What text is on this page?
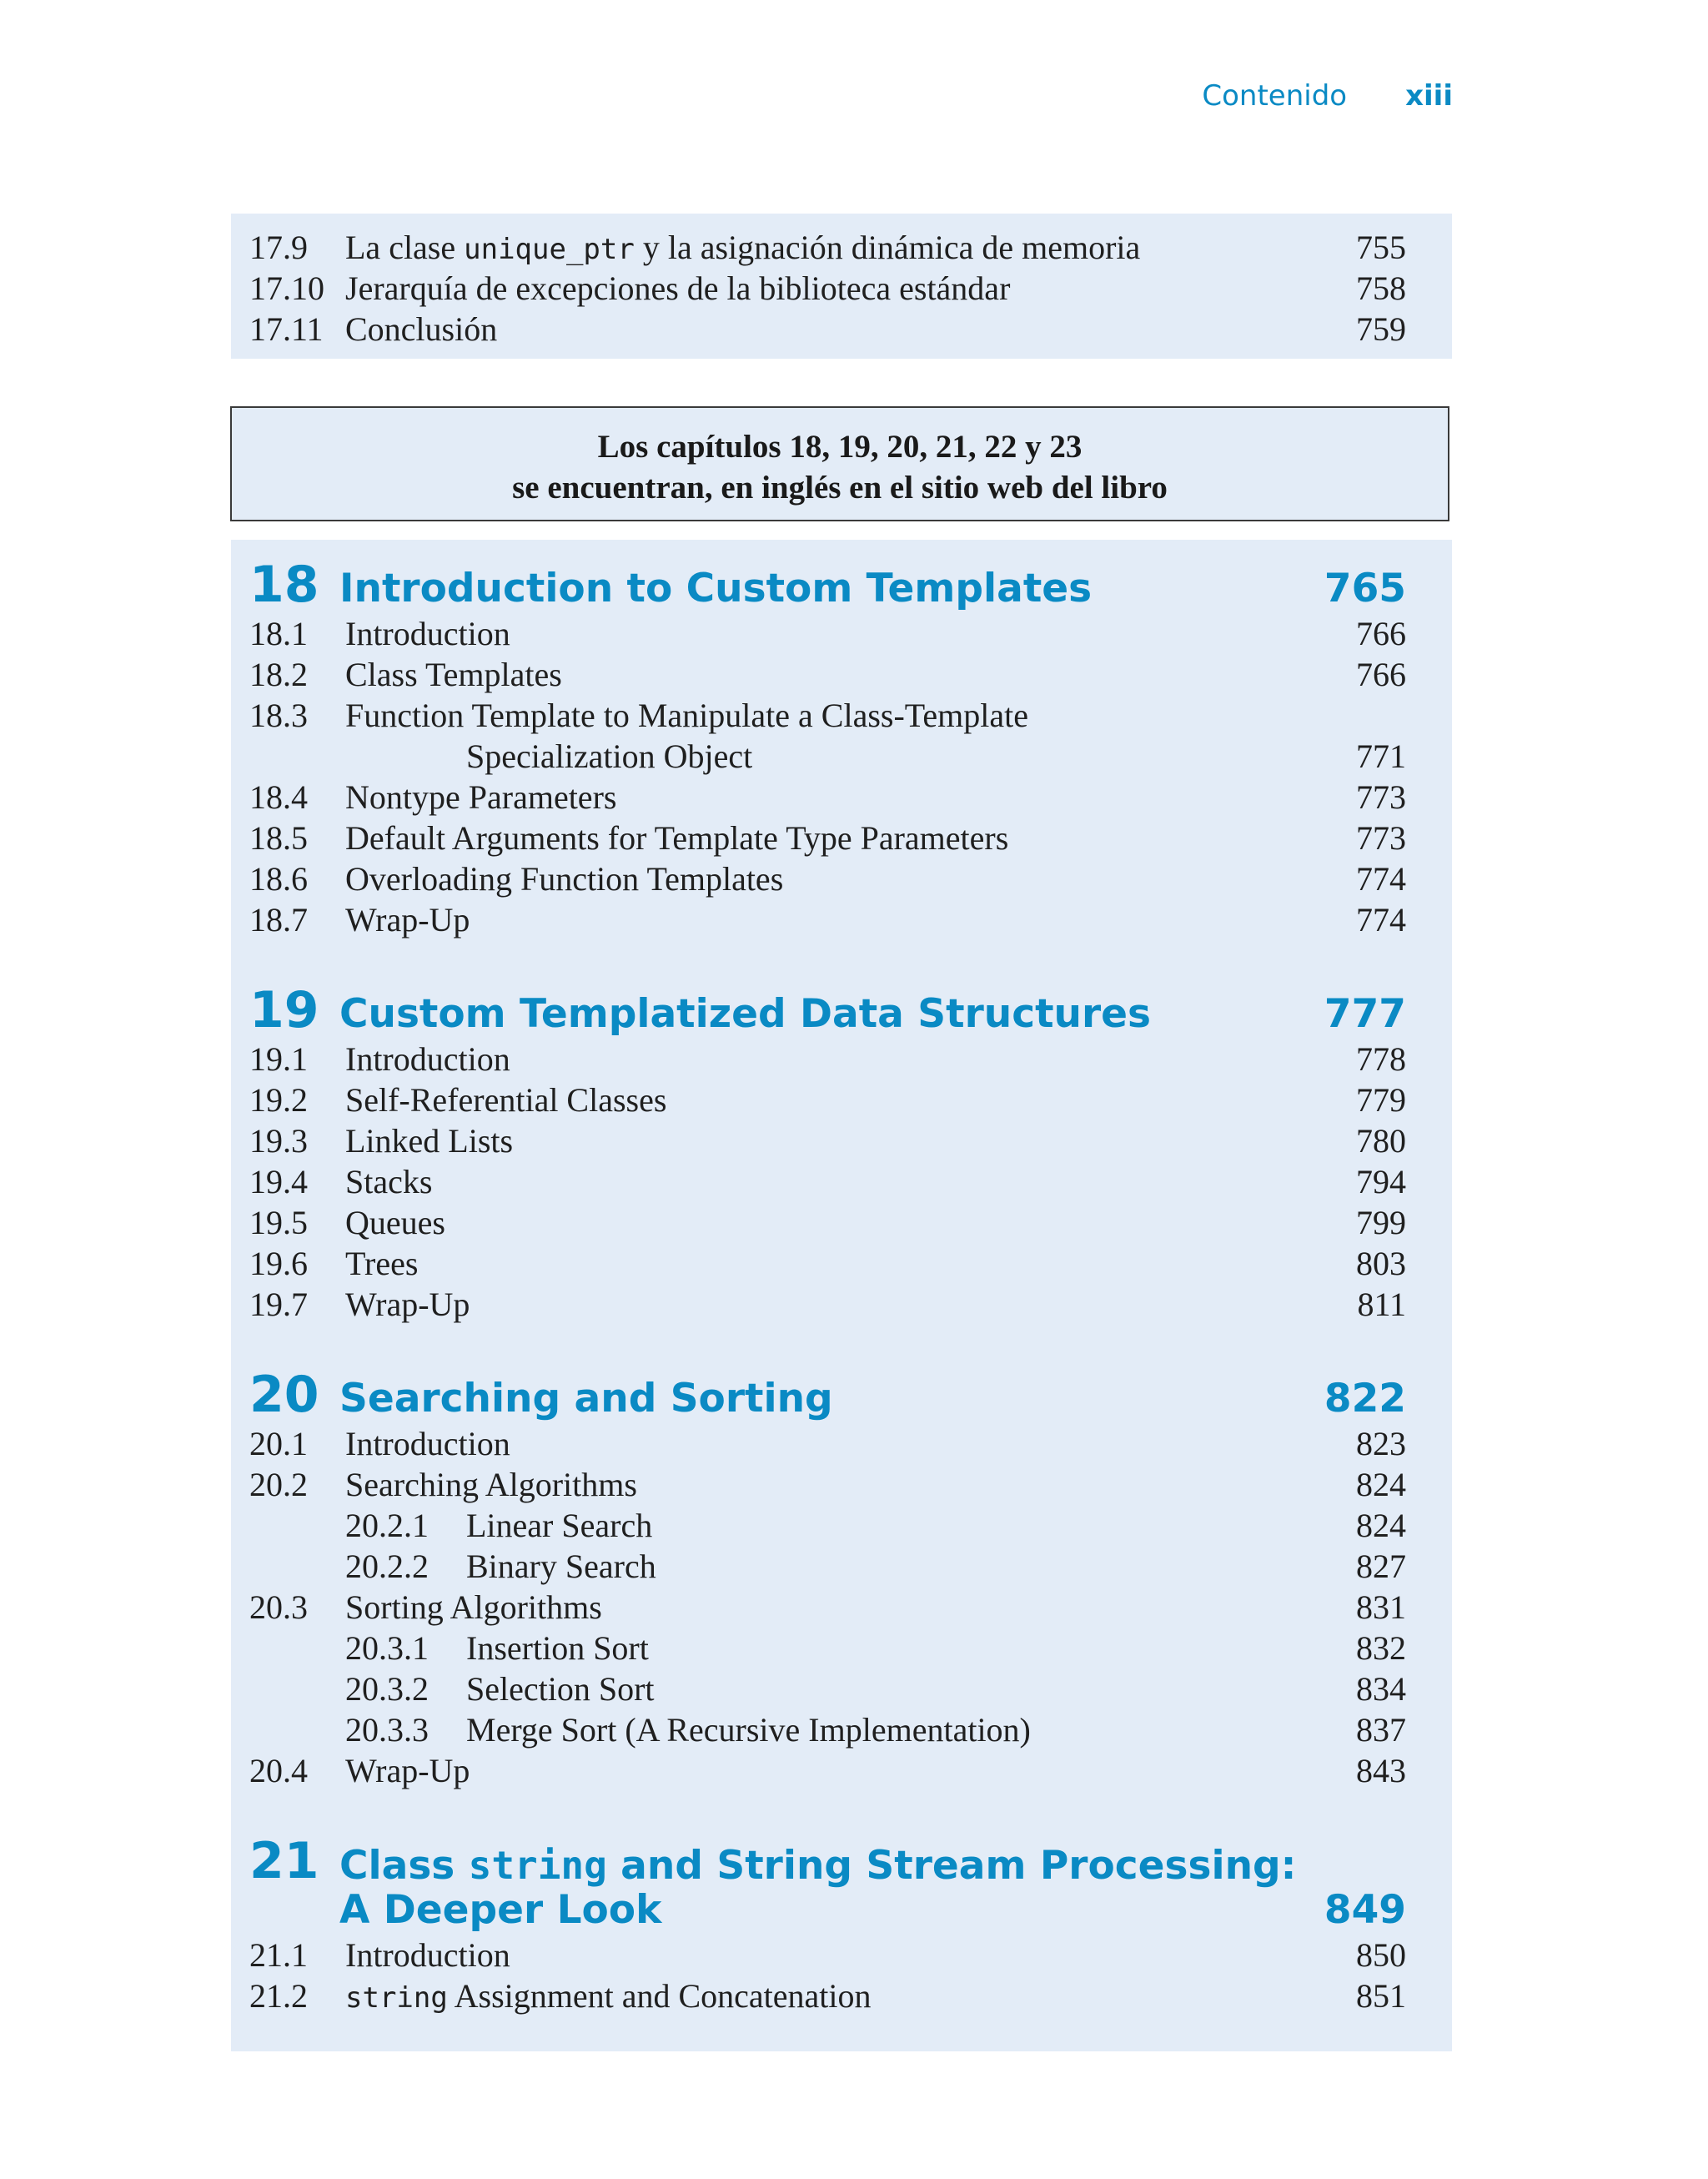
Contenido xiii
17.9 La clase unique_ptr y la asignación dinámica de memoria	755
17.10 Jerarquía de excepciones de la biblioteca estándar	758
17.11 Conclusión	759
Los capítulos 18, 19, 20, 21, 22 y 23
se encuentran, en inglés en el sitio web del libro
18 Introduction to Custom Templates	765
18.1 Introduction	766
18.2 Class Templates	766
18.3 Function Template to Manipulate a Class-Template
Specialization Object	771
18.4 Nontype Parameters	773
18.5 Default Arguments for Template Type Parameters	773
18.6 Overloading Function Templates	774
18.7 Wrap-Up	774
19 Custom Templatized Data Structures	777
19.1 Introduction	778
19.2 Self-Referential Classes	779
19.3 Linked Lists	780
19.4 Stacks	794
19.5 Queues	799
19.6 Trees	803
19.7 Wrap-Up	811
20 Searching and Sorting	822
20.1 Introduction	823
20.2 Searching Algorithms	824
20.2.1 Linear Search	824
20.2.2 Binary Search	827
20.3 Sorting Algorithms	831
20.3.1 Insertion Sort	832
20.3.2 Selection Sort	834
20.3.3 Merge Sort (A Recursive Implementation)	837
20.4 Wrap-Up	843
21 Class string and String Stream Processing:
A Deeper Look	849
21.1 Introduction	850
21.2 string Assignment and Concatenation	851
